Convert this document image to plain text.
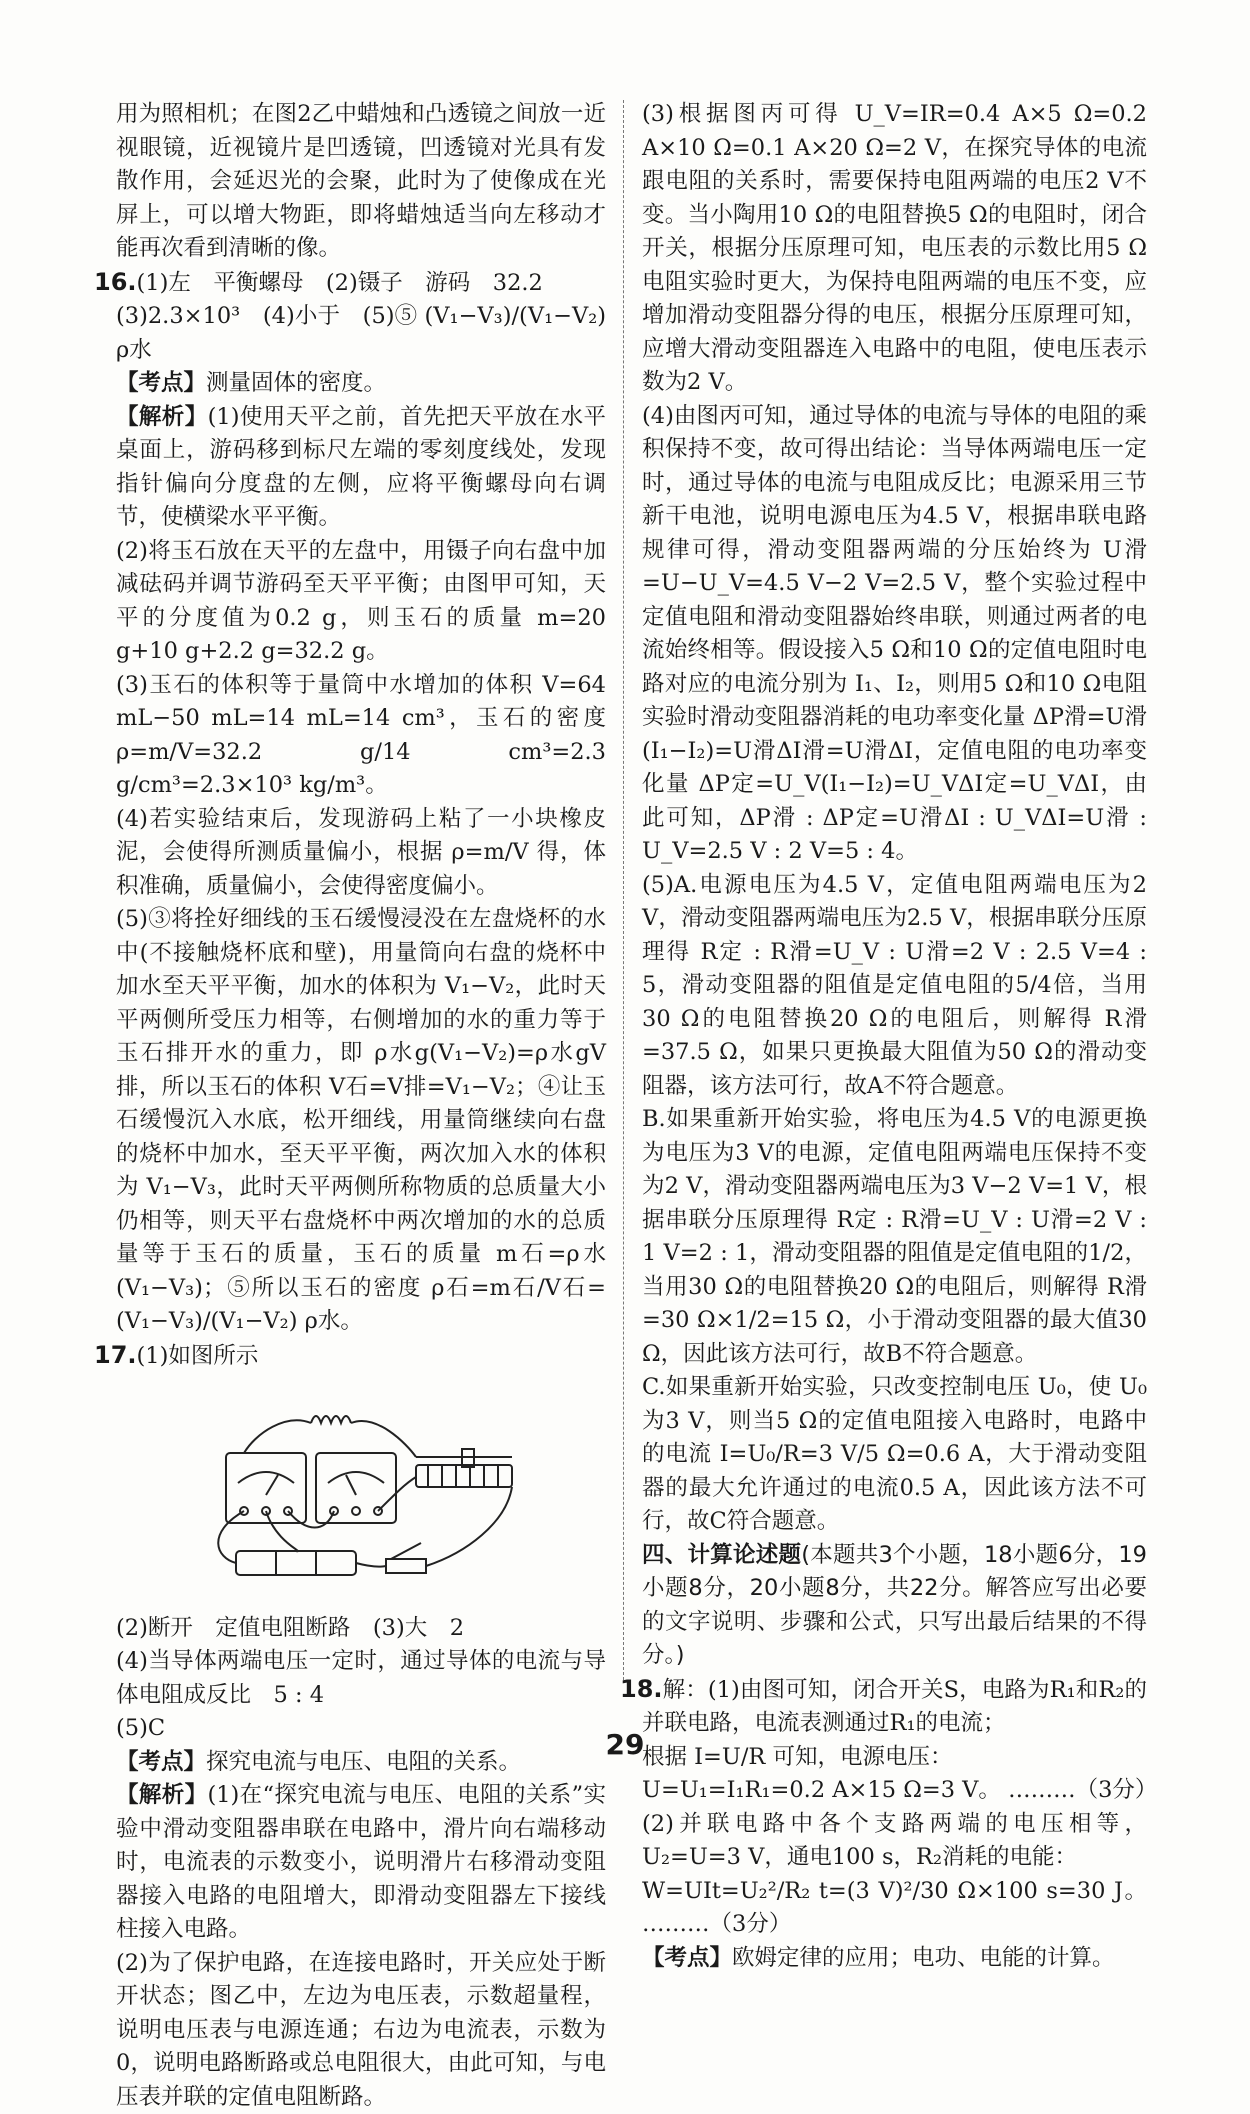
用为照相机；在图2乙中蜡烛和凸透镜之间放一近视眼镜，近视镜片是凹透镜，凹透镜对光具有发散作用，会延迟光的会聚，此时为了使像成在光屏上，可以增大物距，即将蜡烛适当向左移动才能再次看到清晰的像。

16.(1)左　平衡螺母　(2)镊子　游码　32.2

(3)2.3×10³　(4)小于　(5)⑤ (V₁−V₃)/(V₁−V₂) ρ水

【考点】测量固体的密度。

【解析】(1)使用天平之前，首先把天平放在水平桌面上，游码移到标尺左端的零刻度线处，发现指针偏向分度盘的左侧，应将平衡螺母向右调节，使横梁水平平衡。

(2)将玉石放在天平的左盘中，用镊子向右盘中加减砝码并调节游码至天平平衡；由图甲可知，天平的分度值为0.2 g，则玉石的质量 m=20 g+10 g+2.2 g=32.2 g。

(3)玉石的体积等于量筒中水增加的体积 V=64 mL−50 mL=14 mL=14 cm³，玉石的密度 ρ=m/V=32.2 g/14 cm³=2.3 g/cm³=2.3×10³ kg/m³。

(4)若实验结束后，发现游码上粘了一小块橡皮泥，会使得所测质量偏小，根据 ρ=m/V 得，体积准确，质量偏小，会使得密度偏小。

(5)③将拴好细线的玉石缓慢浸没在左盘烧杯的水中(不接触烧杯底和壁)，用量筒向右盘的烧杯中加水至天平平衡，加水的体积为 V₁−V₂，此时天平两侧所受压力相等，右侧增加的水的重力等于玉石排开水的重力，即 ρ水g(V₁−V₂)=ρ水gV排，所以玉石的体积 V石=V排=V₁−V₂；④让玉石缓慢沉入水底，松开细线，用量筒继续向右盘的烧杯中加水，至天平平衡，两次加入水的体积为 V₁−V₃，此时天平两侧所称物质的总质量大小仍相等，则天平右盘烧杯中两次增加的水的总质量等于玉石的质量，玉石的质量 m石=ρ水(V₁−V₃)；⑤所以玉石的密度 ρ石=m石/V石=(V₁−V₃)/(V₁−V₂) ρ水。

17.(1)如图所示

(2)断开　定值电阻断路　(3)大　2

(4)当导体两端电压一定时，通过导体的电流与导体电阻成反比　5 : 4

(5)C

【考点】探究电流与电压、电阻的关系。

【解析】(1)在“探究电流与电压、电阻的关系”实验中滑动变阻器串联在电路中，滑片向右端移动时，电流表的示数变小，说明滑片右移滑动变阻器接入电路的电阻增大，即滑动变阻器左下接线柱接入电路。

(2)为了保护电路，在连接电路时，开关应处于断开状态；图乙中，左边为电压表，示数超量程，说明电压表与电源连通；右边为电流表，示数为0，说明电路断路或总电阻很大，由此可知，与电压表并联的定值电阻断路。

(3)根据图丙可得 U_V=IR=0.4 A×5 Ω=0.2 A×10 Ω=0.1 A×20 Ω=2 V，在探究导体的电流跟电阻的关系时，需要保持电阻两端的电压2 V不变。当小陶用10 Ω的电阻替换5 Ω的电阻时，闭合开关，根据分压原理可知，电压表的示数比用5 Ω电阻实验时更大，为保持电阻两端的电压不变，应增加滑动变阻器分得的电压，根据分压原理可知，应增大滑动变阻器连入电路中的电阻，使电压表示数为2 V。

(4)由图丙可知，通过导体的电流与导体的电阻的乘积保持不变，故可得出结论：当导体两端电压一定时，通过导体的电流与电阻成反比；电源采用三节新干电池，说明电源电压为4.5 V，根据串联电路规律可得，滑动变阻器两端的分压始终为 U滑=U−U_V=4.5 V−2 V=2.5 V，整个实验过程中定值电阻和滑动变阻器始终串联，则通过两者的电流始终相等。假设接入5 Ω和10 Ω的定值电阻时电路对应的电流分别为 I₁、I₂，则用5 Ω和10 Ω电阻实验时滑动变阻器消耗的电功率变化量 ΔP滑=U滑(I₁−I₂)=U滑ΔI滑=U滑ΔI，定值电阻的电功率变化量 ΔP定=U_V(I₁−I₂)=U_VΔI定=U_VΔI，由此可知，ΔP滑 : ΔP定=U滑ΔI : U_VΔI=U滑 : U_V=2.5 V : 2 V=5 : 4。

(5)A.电源电压为4.5 V，定值电阻两端电压为2 V，滑动变阻器两端电压为2.5 V，根据串联分压原理得 R定 : R滑=U_V : U滑=2 V : 2.5 V=4 : 5，滑动变阻器的阻值是定值电阻的5/4倍，当用30 Ω的电阻替换20 Ω的电阻后，则解得 R滑=37.5 Ω，如果只更换最大阻值为50 Ω的滑动变阻器，该方法可行，故A不符合题意。

B.如果重新开始实验，将电压为4.5 V的电源更换为电压为3 V的电源，定值电阻两端电压保持不变为2 V，滑动变阻器两端电压为3 V−2 V=1 V，根据串联分压原理得 R定 : R滑=U_V : U滑=2 V : 1 V=2 : 1，滑动变阻器的阻值是定值电阻的1/2，当用30 Ω的电阻替换20 Ω的电阻后，则解得 R滑=30 Ω×1/2=15 Ω，小于滑动变阻器的最大值30 Ω，因此该方法可行，故B不符合题意。

C.如果重新开始实验，只改变控制电压 U₀，使 U₀ 为3 V，则当5 Ω的定值电阻接入电路时，电路中的电流 I=U₀/R=3 V/5 Ω=0.6 A，大于滑动变阻器的最大允许通过的电流0.5 A，因此该方法不可行，故C符合题意。

四、计算论述题(本题共3个小题，18小题6分，19小题8分，20小题8分，共22分。解答应写出必要的文字说明、步骤和公式，只写出最后结果的不得分。)

18.解：(1)由图可知，闭合开关S，电路为R₁和R₂的并联电路，电流表测通过R₁的电流；

根据 I=U/R 可知，电源电压：

U=U₁=I₁R₁=0.2 A×15 Ω=3 V。 ………（3分）

(2)并联电路中各个支路两端的电压相等，U₂=U=3 V，通电100 s，R₂消耗的电能：

W=UIt=U₂²/R₂ t=(3 V)²/30 Ω×100 s=30 J。 ………（3分）

【考点】欧姆定律的应用；电功、电能的计算。

29
